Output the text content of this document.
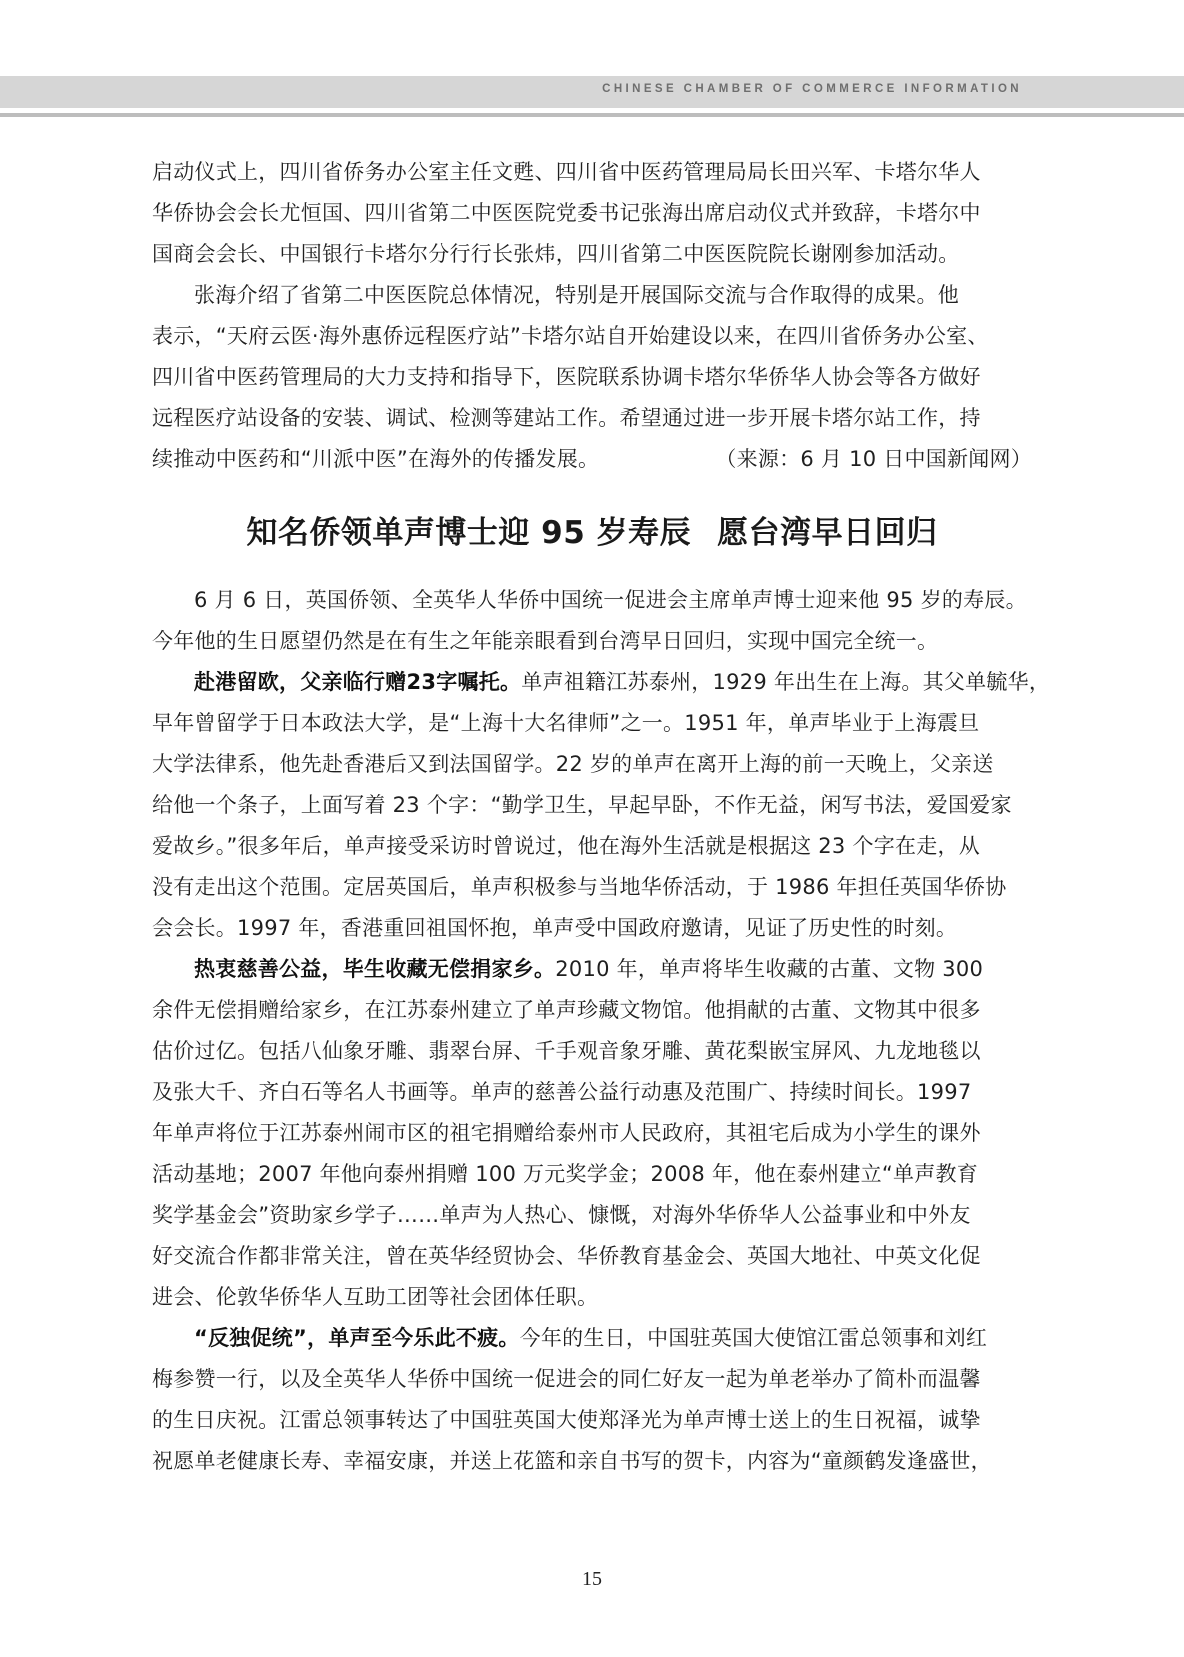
CHINESE CHAMBER OF COMMERCE INFORMATION
启动仪式上，四川省侨务办公室主任文甦、四川省中医药管理局局长田兴军、卡塔尔华人
华侨协会会长尤恒国、四川省第二中医医院党委书记张海出席启动仪式并致辞，卡塔尔中
国商会会长、中国银行卡塔尔分行行长张炜，四川省第二中医医院院长谢刚参加活动。
张海介绍了省第二中医医院总体情况，特别是开展国际交流与合作取得的成果。他
表示，“天府云医·海外惠侨远程医疗站”卡塔尔站自开始建设以来，在四川省侨务办公室、
四川省中医药管理局的大力支持和指导下，医院联系协调卡塔尔华侨华人协会等各方做好
远程医疗站设备的安装、调试、检测等建站工作。希望通过进一步开展卡塔尔站工作，持
续推动中医药和“川派中医”在海外的传播发展。	（来源：6 月 10 日中国新闻网）
知名侨领单声博士迎 95 岁寿辰 愿台湾早日回归
6 月 6 日，英国侨领、全英华人华侨中国统一促进会主席单声博士迎来他 95 岁的寿辰。
今年他的生日愿望仍然是在有生之年能亲眼看到台湾早日回归，实现中国完全统一。
赴港留欧，父亲临行赠23字嘱托。单声祖籍江苏泰州，1929 年出生在上海。其父单毓华，
早年曾留学于日本政法大学，是“上海十大名律师”之一。1951 年，单声毕业于上海震旦
大学法律系，他先赴香港后又到法国留学。22 岁的单声在离开上海的前一天晚上，父亲送
给他一个条子，上面写着 23 个字：“勤学卫生，早起早卧，不作无益，闲写书法，爱国爱家
爱故乡。”很多年后，单声接受采访时曾说过，他在海外生活就是根据这 23 个字在走，从
没有走出这个范围。定居英国后，单声积极参与当地华侨活动，于 1986 年担任英国华侨协
会会长。1997 年，香港重回祖国怀抱，单声受中国政府邀请，见证了历史性的时刻。
热衷慈善公益，毕生收藏无偿捐家乡。2010 年，单声将毕生收藏的古董、文物 300
余件无偿捐赠给家乡，在江苏泰州建立了单声珍藏文物馆。他捐献的古董、文物其中很多
估价过亿。包括八仙象牙雕、翡翠台屏、千手观音象牙雕、黄花梨嵌宝屏风、九龙地毯以
及张大千、齐白石等名人书画等。单声的慈善公益行动惠及范围广、持续时间长。1997
年单声将位于江苏泰州闹市区的祖宅捐赠给泰州市人民政府，其祖宅后成为小学生的课外
活动基地；2007 年他向泰州捐赠 100 万元奖学金；2008 年，他在泰州建立“单声教育
奖学基金会”资助家乡学子……单声为人热心、慷慨，对海外华侨华人公益事业和中外友
好交流合作都非常关注，曾在英华经贸协会、华侨教育基金会、英国大地社、中英文化促
进会、伦敦华侨华人互助工团等社会团体任职。
“反独促统”，单声至今乐此不疲。今年的生日，中国驻英国大使馆江雷总领事和刘红
梅参赞一行，以及全英华人华侨中国统一促进会的同仁好友一起为单老举办了简朴而温馨
的生日庆祝。江雷总领事转达了中国驻英国大使郑泽光为单声博士送上的生日祝福，诚挚
祝愿单老健康长寿、幸福安康，并送上花篮和亲自书写的贺卡，内容为“童颜鹤发逢盛世，
15
